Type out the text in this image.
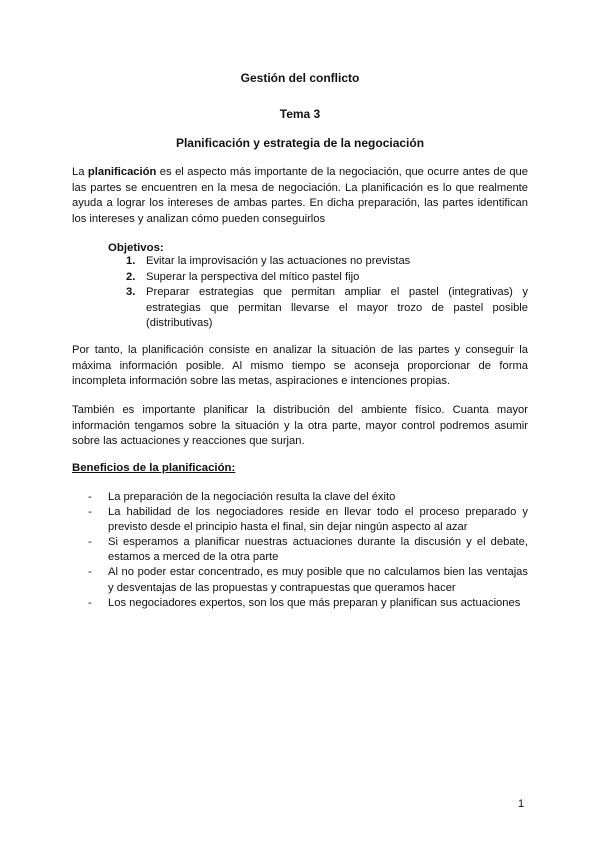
Gestión del conflicto
Tema 3
Planificación y estrategia de la negociación

La planificación es el aspecto más importante de la negociación, que ocurre antes de que las partes se encuentren en la mesa de negociación. La planificación es lo que realmente ayuda a lograr los intereses de ambas partes. En dicha preparación, las partes identifican los intereses y analizan cómo pueden conseguirlos

Objetivos:
1. Evitar la improvisación y las actuaciones no previstas
2. Superar la perspectiva del mítico pastel fijo
3. Preparar estrategias que permitan ampliar el pastel (integrativas) y estrategias que permitan llevarse el mayor trozo de pastel posible (distributivas)

Por tanto, la planificación consiste en analizar la situación de las partes y conseguir la máxima información posible. Al mismo tiempo se aconseja proporcionar de forma incompleta información sobre las metas, aspiraciones e intenciones propias.

También es importante planificar la distribución del ambiente físico. Cuanta mayor información tengamos sobre la situación y la otra parte, mayor control podremos asumir sobre las actuaciones y reacciones que surjan.

Beneficios de la planificación:
-	La preparación de la negociación resulta la clave del éxito
-	La habilidad de los negociadores reside en llevar todo el proceso preparado y previsto desde el principio hasta el final, sin dejar ningún aspecto al azar
-	Si esperamos a planificar nuestras actuaciones durante la discusión y el debate, estamos a merced de la otra parte
-	Al no poder estar concentrado, es muy posible que no calculamos bien las ventajas y desventajas de las propuestas y contrapuestas que queramos hacer
-	Los negociadores expertos, son los que más preparan y planifican sus actuaciones
1
